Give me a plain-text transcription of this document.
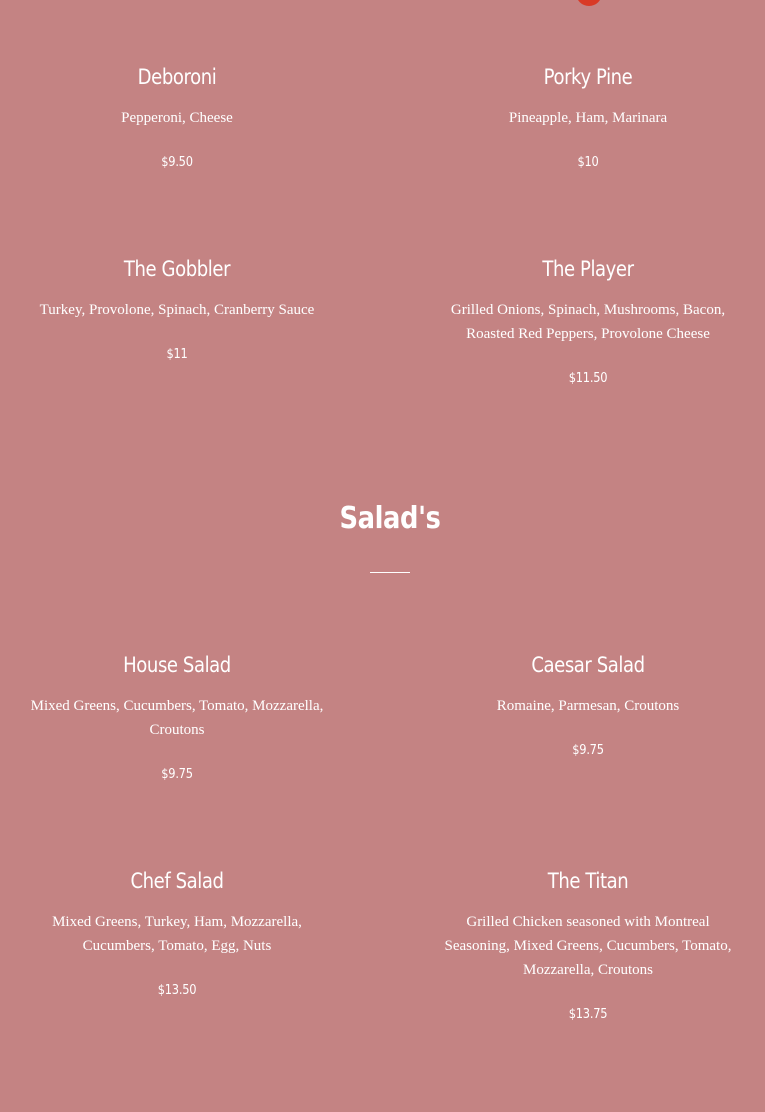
Deboroni
Pepperoni, Cheese
$9.50
Porky Pine
Pineapple, Ham, Marinara
$10
The Gobbler
Turkey, Provolone, Spinach, Cranberry Sauce
$11
The Player
Grilled Onions, Spinach, Mushrooms, Bacon, Roasted Red Peppers, Provolone Cheese
$11.50
Salad's
House Salad
Mixed Greens, Cucumbers, Tomato, Mozzarella, Croutons
$9.75
Caesar Salad
Romaine, Parmesan, Croutons
$9.75
Chef Salad
Mixed Greens, Turkey, Ham, Mozzarella, Cucumbers, Tomato, Egg, Nuts
$13.50
The Titan
Grilled Chicken seasoned with Montreal Seasoning, Mixed Greens, Cucumbers, Tomato, Mozzarella, Croutons
$13.75
